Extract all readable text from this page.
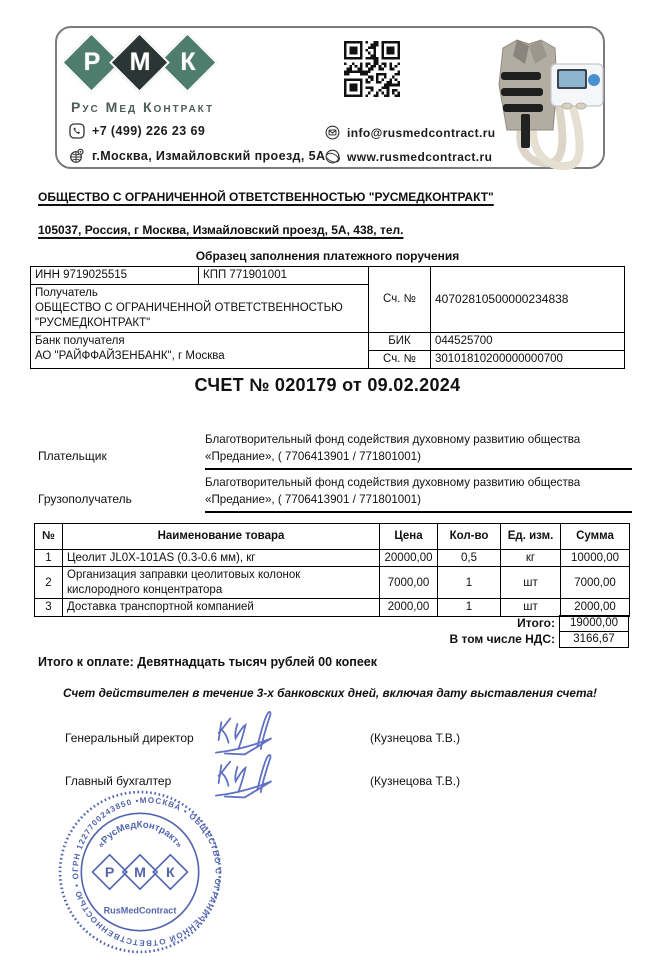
Р	М	К
Рус Мед Контракт
+7 (499) 226 23 69
г.Москва, Измайловский проезд, 5А
info@rusmedcontract.ru
www.rusmedcontract.ru
ОБЩЕСТВО С ОГРАНИЧЕННОЙ ОТВЕТСТВЕННОСТЬЮ "РУСМЕДКОНТРАКТ"
105037, Россия, г Москва, Измайловский проезд, 5А, 438, тел.
Образец заполнения платежного поручения
ИНН 9719025515	КПП 771901001	Сч. №	40702810500000234838

Получатель
ОБЩЕСТВО С ОГРАНИЧЕННОЙ ОТВЕТСТВЕННОСТЬЮ "РУСМЕДКОНТРАКТ"			

Банк получателя
АО "РАЙФФАЙЗЕНБАНК", г Москва		БИК	044525700
		Сч. №	30101810200000000700
СЧЕТ № 020179 от 09.02.2024
Плательщик
Благотворительный фонд содействия духовному развитию общества «Предание», ( 7706413901 / 771801001)
Грузополучатель
Благотворительный фонд содействия духовному развитию общества «Предание», ( 7706413901 / 771801001)
№	Наименование товара	Цена	Кол-во	Ед. изм.	Сумма
1	Цеолит JL0X-101AS (0.3-0.6 мм), кг	20000,00	0,5	кг	10000,00
2	Организация заправки цеолитовых колонок кислородного концентратора	7000,00	1	шт	7000,00
3	Доставка транспортной компанией	2000,00	1	шт	2000,00
Итого:	19000,00
В том числе НДС:	3166,67
Итого к оплате: Девятнадцать тысяч рублей 00 копеек
Счет действителен в течение 3-х банковских дней, включая дату выставления счета!
Генеральный директор	(Кузнецова Т.В.)
Главный бухгалтер	(Кузнецова Т.В.)
МОСКВА • ОБЩЕСТВО С ОГРАНИЧЕННОЙ ОТВЕТСТВЕННОСТЬЮ • ОГРН 1227700243850 •
«РусМедКонтракт»
Р М К
RusMedContract
